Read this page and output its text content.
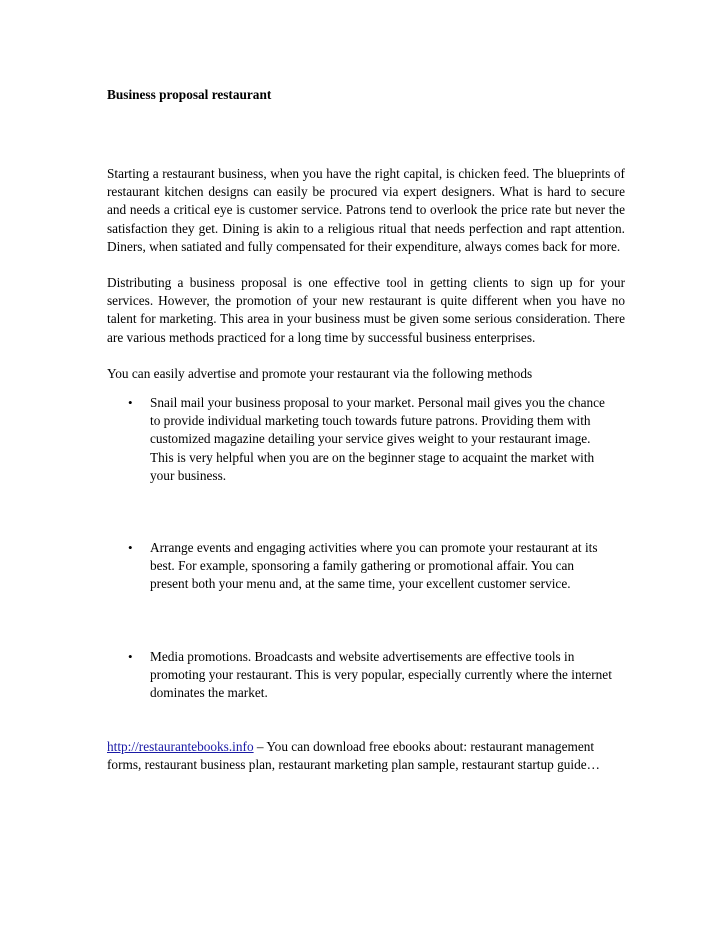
Business proposal restaurant

Starting a restaurant business, when you have the right capital, is chicken feed. The blueprints of restaurant kitchen designs can easily be procured via expert designers. What is hard to secure and needs a critical eye is customer service. Patrons tend to overlook the price rate but never the satisfaction they get. Dining is akin to a religious ritual that needs perfection and rapt attention. Diners, when satiated and fully compensated for their expenditure, always comes back for more.

Distributing a business proposal is one effective tool in getting clients to sign up for your services. However, the promotion of your new restaurant is quite different when you have no talent for marketing. This area in your business must be given some serious consideration. There are various methods practiced for a long time by successful business enterprises.

You can easily advertise and promote your restaurant via the following methods

• Snail mail your business proposal to your market. Personal mail gives you the chance to provide individual marketing touch towards future patrons. Providing them with customized magazine detailing your service gives weight to your restaurant image. This is very helpful when you are on the beginner stage to acquaint the market with your business.
• Arrange events and engaging activities where you can promote your restaurant at its best. For example, sponsoring a family gathering or promotional affair. You can present both your menu and, at the same time, your excellent customer service.
• Media promotions. Broadcasts and website advertisements are effective tools in promoting your restaurant. This is very popular, especially currently where the internet dominates the market.

http://restaurantebooks.info – You can download free ebooks about: restaurant management forms, restaurant business plan, restaurant marketing plan sample, restaurant startup guide…
